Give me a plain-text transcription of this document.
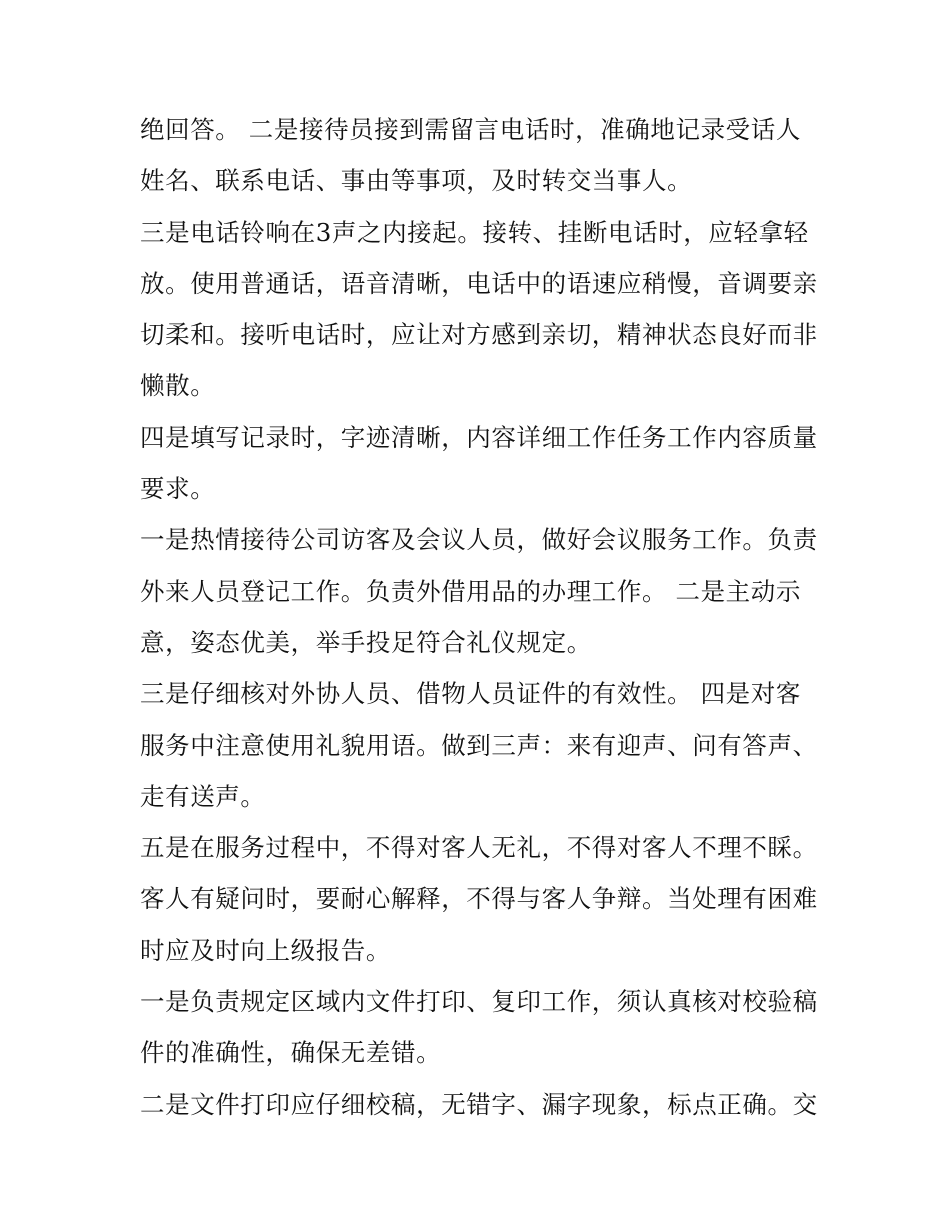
绝回答。 二是接待员接到需留言电话时，准确地记录受话人姓名、联系电话、事由等事项，及时转交当事人。

三是电话铃响在3声之内接起。接转、挂断电话时，应轻拿轻放。使用普通话，语音清晰，电话中的语速应稍慢，音调要亲切柔和。接听电话时，应让对方感到亲切，精神状态良好而非懒散。

四是填写记录时，字迹清晰，内容详细工作任务工作内容质量要求。

一是热情接待公司访客及会议人员，做好会议服务工作。负责外来人员登记工作。负责外借用品的办理工作。 二是主动示意，姿态优美，举手投足符合礼仪规定。

三是仔细核对外协人员、借物人员证件的有效性。 四是对客服务中注意使用礼貌用语。做到三声：来有迎声、问有答声、走有送声。

五是在服务过程中，不得对客人无礼，不得对客人不理不睬。客人有疑问时，要耐心解释，不得与客人争辩。当处理有困难时应及时向上级报告。

一是负责规定区域内文件打印、复印工作，须认真核对校验稿件的准确性，确保无差错。

二是文件打印应仔细校稿，无错字、漏字现象，标点正确。交
